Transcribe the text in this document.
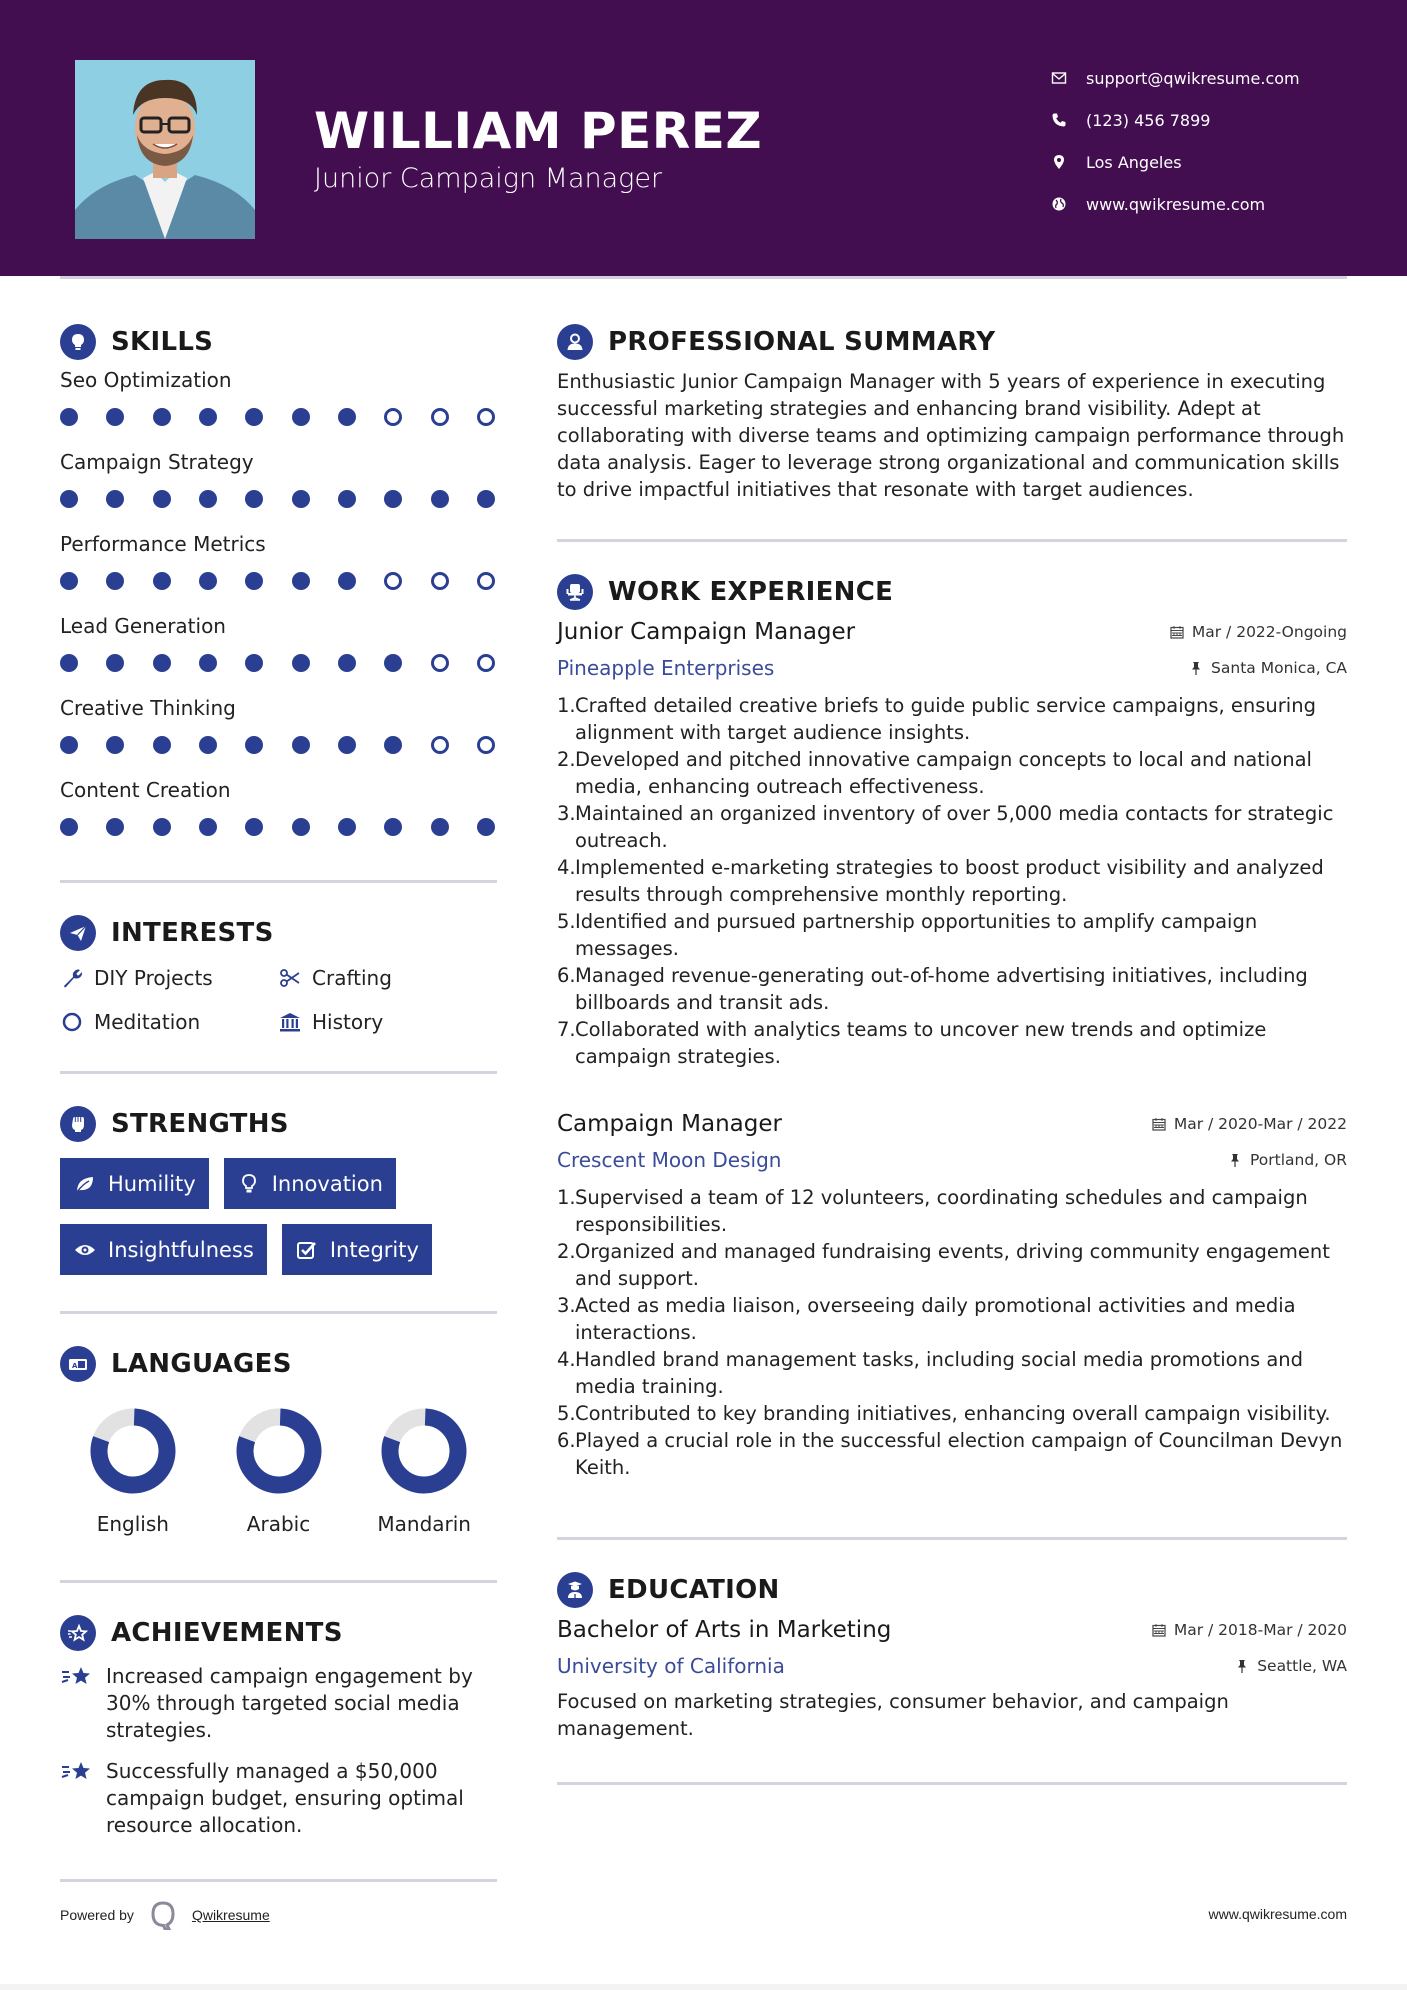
WILLIAM PEREZ
Junior Campaign Manager
support@qwikresume.com
(123) 456 7899
Los Angeles
www.qwikresume.com
SKILLS
Seo Optimization
Campaign Strategy
Performance Metrics
Lead Generation
Creative Thinking
Content Creation
INTERESTS
DIY Projects	Crafting
Meditation	History
STRENGTHS
Humility	Innovation
Insightfulness	Integrity
A LANGUAGES
English	Arabic	Mandarin
ACHIEVEMENTS
Increased campaign engagement by 30% through targeted social media strategies.
Successfully managed a $50,000 campaign budget, ensuring optimal resource allocation.
PROFESSIONAL SUMMARY

Enthusiastic Junior Campaign Manager with 5 years of experience in executing successful marketing strategies and enhancing brand visibility. Adept at collaborating with diverse teams and optimizing campaign performance through data analysis. Eager to leverage strong organizational and communication skills to drive impactful initiatives that resonate with target audiences.

WORK EXPERIENCE
Junior Campaign Manager	Mar / 2022-Ongoing
Pineapple Enterprises	Santa Monica, CA
1. Crafted detailed creative briefs to guide public service campaigns, ensuring alignment with target audience insights.
2. Developed and pitched innovative campaign concepts to local and national media, enhancing outreach effectiveness.
3. Maintained an organized inventory of over 5,000 media contacts for strategic outreach.
4. Implemented e-marketing strategies to boost product visibility and analyzed results through comprehensive monthly reporting.
5. Identified and pursued partnership opportunities to amplify campaign messages.
6. Managed revenue-generating out-of-home advertising initiatives, including billboards and transit ads.
7. Collaborated with analytics teams to uncover new trends and optimize campaign strategies.
Campaign Manager	Mar / 2020-Mar / 2022
Crescent Moon Design	Portland, OR
1. Supervised a team of 12 volunteers, coordinating schedules and campaign responsibilities.
2. Organized and managed fundraising events, driving community engagement and support.
3. Acted as media liaison, overseeing daily promotional activities and media interactions.
4. Handled brand management tasks, including social media promotions and media training.
5. Contributed to key branding initiatives, enhancing overall campaign visibility.
6. Played a crucial role in the successful election campaign of Councilman Devyn Keith.
EDUCATION
Bachelor of Arts in Marketing	Mar / 2018-Mar / 2020
University of California	Seattle, WA

Focused on marketing strategies, consumer behavior, and campaign management.

Powered by	Qwikresume	www.qwikresume.com
